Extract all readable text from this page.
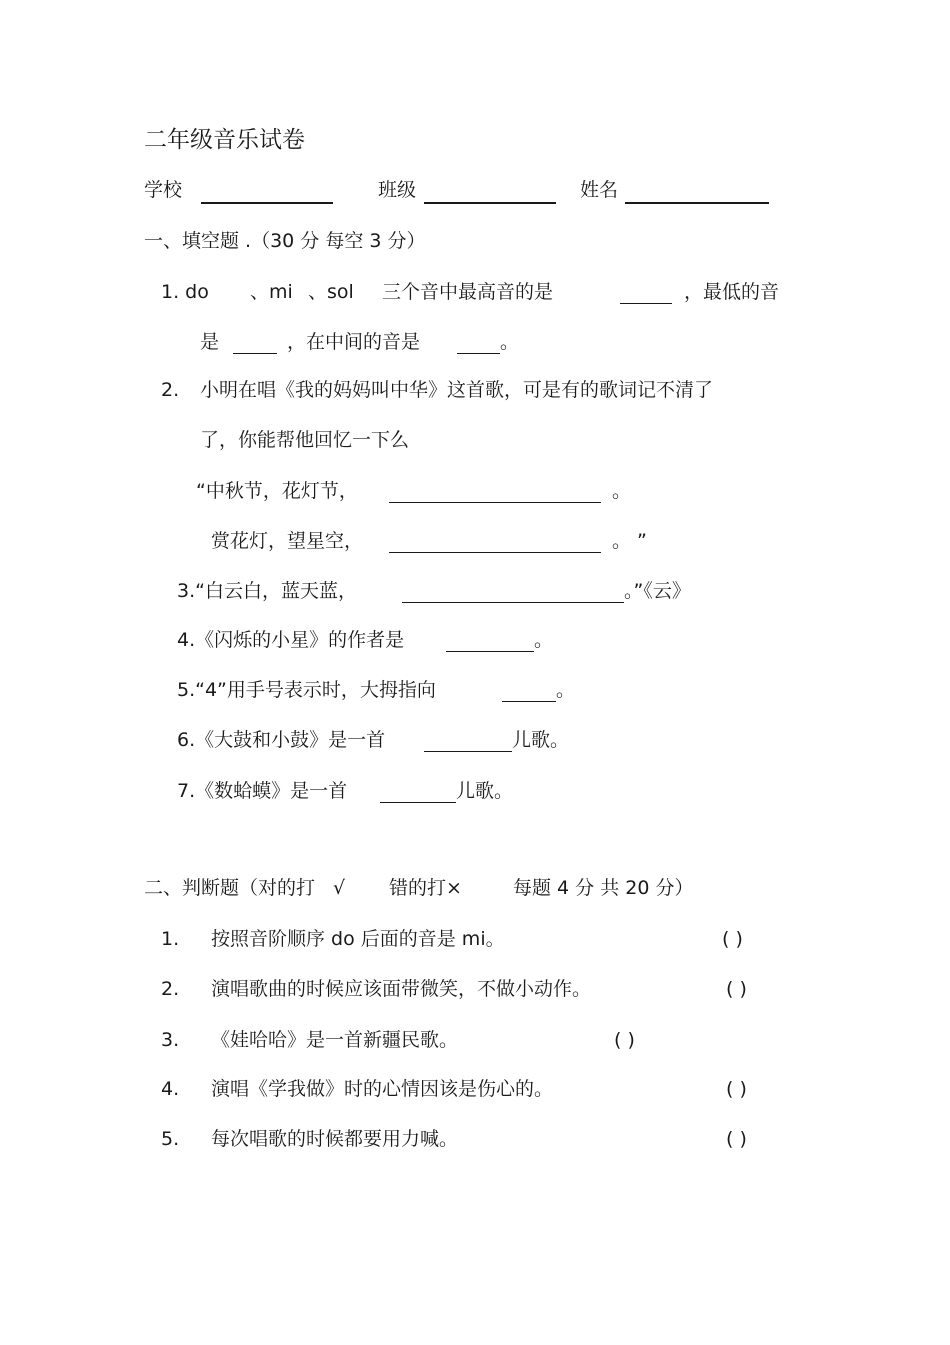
二年级音乐试卷
学校	班级	姓名
一、填空题 .（30 分 每空 3 分）
1. do 、mi 、sol 三个音中最高音的是	，最低的音
是	，在中间的音是	。
2. 小明在唱《我的妈妈叫中华》这首歌，可是有的歌词记不清了
了，你能帮他回忆一下么
“中秋节，花灯节，	。
赏花灯，望星空，	。 ”
3.“白云白，蓝天蓝，	。”《云》
4.《闪烁的小星》的作者是	。
5.“4”用手号表示时，大拇指向	。
6.《大鼓和小鼓》是一首	儿歌。
7.《数蛤蟆》是一首	儿歌。
二、判断题（对的打 √ 错的打×	每题 4 分 共 20 分）
1. 按照音阶顺序 do 后面的音是 mi。	( )
2. 演唱歌曲的时候应该面带微笑，不做小动作。	( )
3. 《娃哈哈》是一首新疆民歌。	( )
4. 演唱《学我做》时的心情因该是伤心的。	( )
5. 每次唱歌的时候都要用力喊。	( )
